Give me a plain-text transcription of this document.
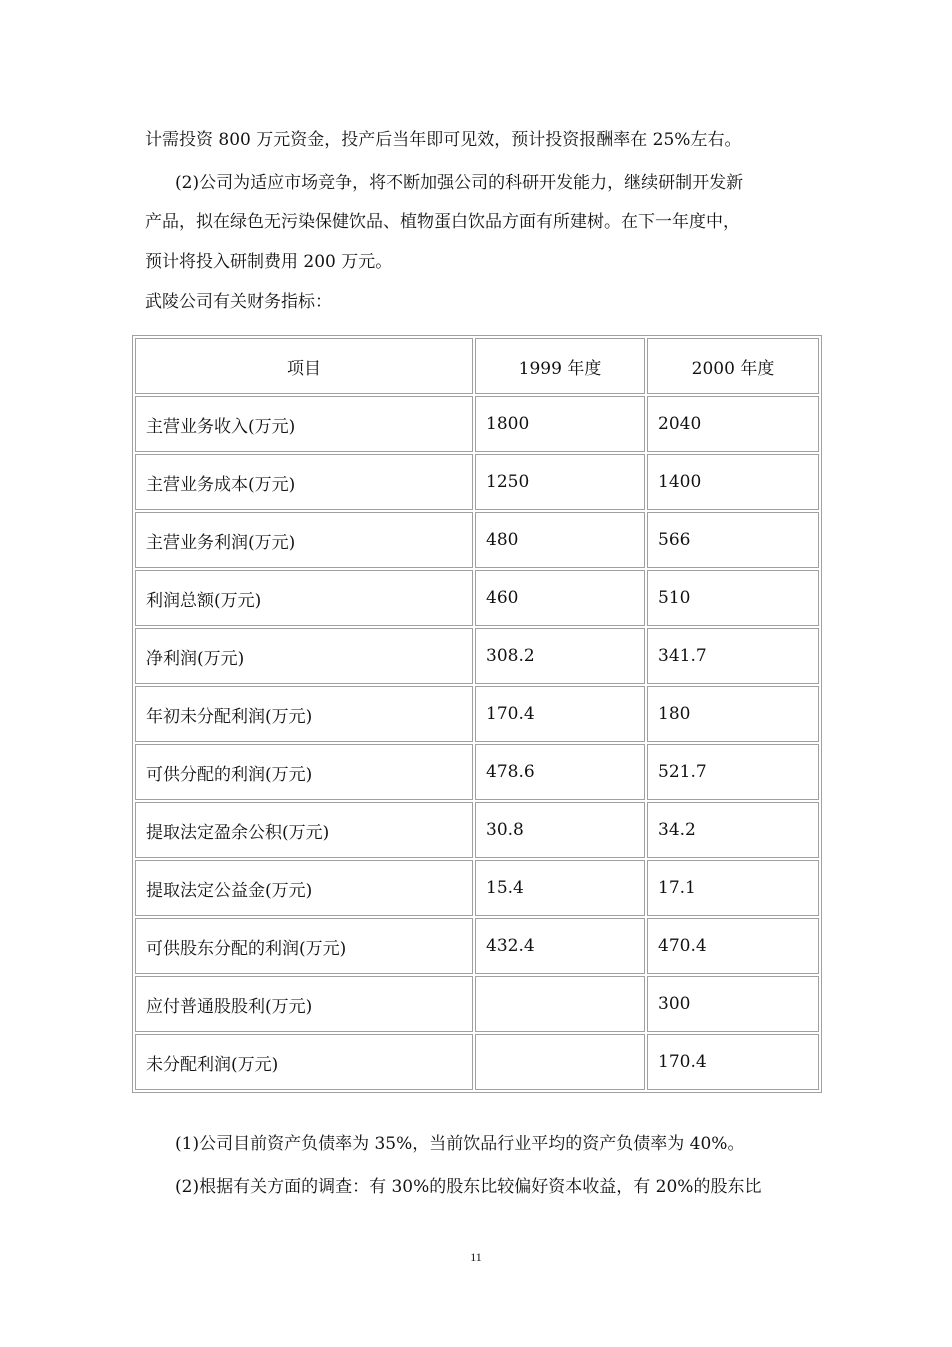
计需投资 800 万元资金，投产后当年即可见效，预计投资报酬率在 25%左右。

(2)公司为适应市场竞争，将不断加强公司的科研开发能力，继续研制开发新

产品，拟在绿色无污染保健饮品、植物蛋白饮品方面有所建树。在下一年度中，

预计将投入研制费用 200 万元。

武陵公司有关财务指标：

项目	1999 年度	2000 年度
主营业务收入(万元)	1800	2040
主营业务成本(万元)	1250	1400
主营业务利润(万元)	480	566
利润总额(万元)	460	510
净利润(万元)	308.2	341.7
年初未分配利润(万元)	170.4	180
可供分配的利润(万元)	478.6	521.7
提取法定盈余公积(万元)	30.8	34.2
提取法定公益金(万元)	15.4	17.1
可供股东分配的利润(万元)	432.4	470.4
应付普通股股利(万元)		300
未分配利润(万元)		170.4

(1)公司目前资产负债率为 35%，当前饮品行业平均的资产负债率为 40%。

(2)根据有关方面的调查：有 30%的股东比较偏好资本收益，有 20%的股东比

11
